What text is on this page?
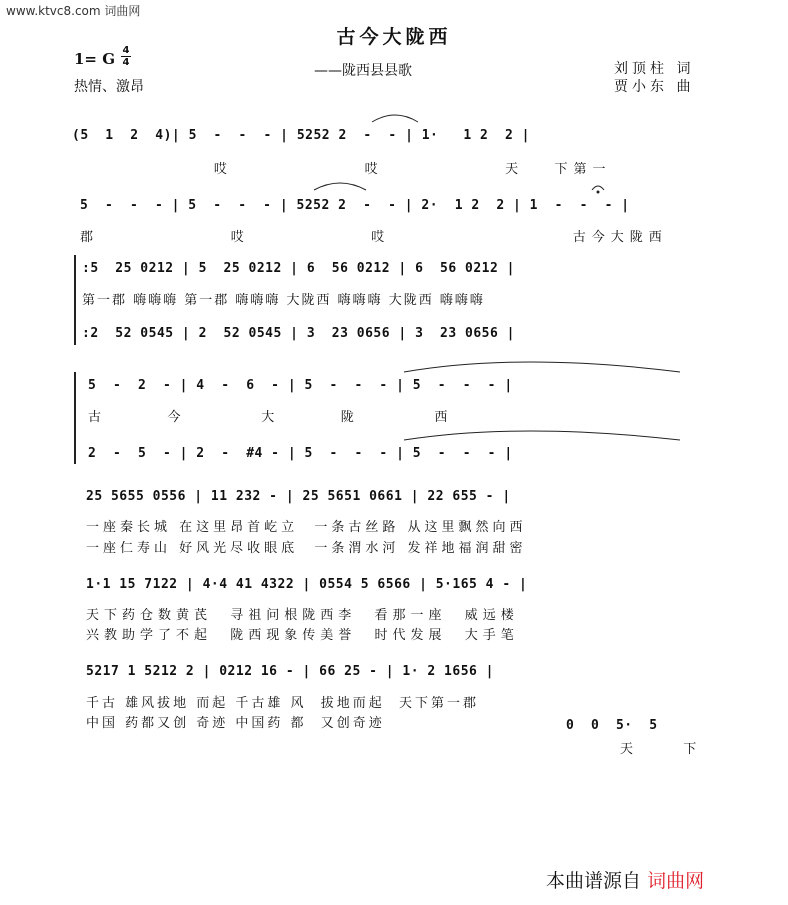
www.ktvc8.com 词曲网
古今大陇西
——陇西县县歌
1= G 4
4
热情、激昂
刘顶柱 词
贾小东 曲
(5  1  2  4)| 5  -  -  - | 5252 2  -  - | 1·   1 2  2 |
哎             哎            天   下第一
5  -  -  - | 5  -  -  - | 5252 2  -  - | 2·  1 2  2 | 1  -  -  - |
郡             哎            哎                  古今大陇西
:5  25 0212 | 5  25 0212 | 6  56 0212 | 6  56 0212 |
第一郡 嗨嗨嗨 第一郡 嗨嗨嗨 大陇西 嗨嗨嗨 大陇西 嗨嗨嗨
:2  52 0545 | 2  52 0545 | 3  23 0656 | 3  23 0656 |
5  -  2  - | 4  -  6  - | 5  -  -  - | 5  -  -  - |
古    今     大    陇     西
2  -  5  - | 2  -  #4 - | 5  -  -  - | 5  -  -  - |
25 5655 0556 | 11 232 - | 25 5651 0661 | 22 655 - |
一座秦长城 在这里昂首屹立  一条古丝路 从这里飘然向西
一座仁寿山 好风光尽收眼底  一条渭水河 发祥地福润甜密
1·1 15 7122 | 4·4 41 4322 | 0554 5 6566 | 5·165 4 - |
天下药仓数黄芪  寻祖问根陇西李  看那一座  威远楼
兴教助学了不起  陇西现象传美誉  时代发展  大手笔
5217 1 5212 2 | 0212 16 - | 66 25 - | 1· 2 1656 |
千古 雄风拔地 而起 千古雄 风  拔地而起  天下第一郡
中国 药都又创 奇迹 中国药 都  又创奇迹	0  0  5·  5
天  下
本曲谱源自 词曲网
